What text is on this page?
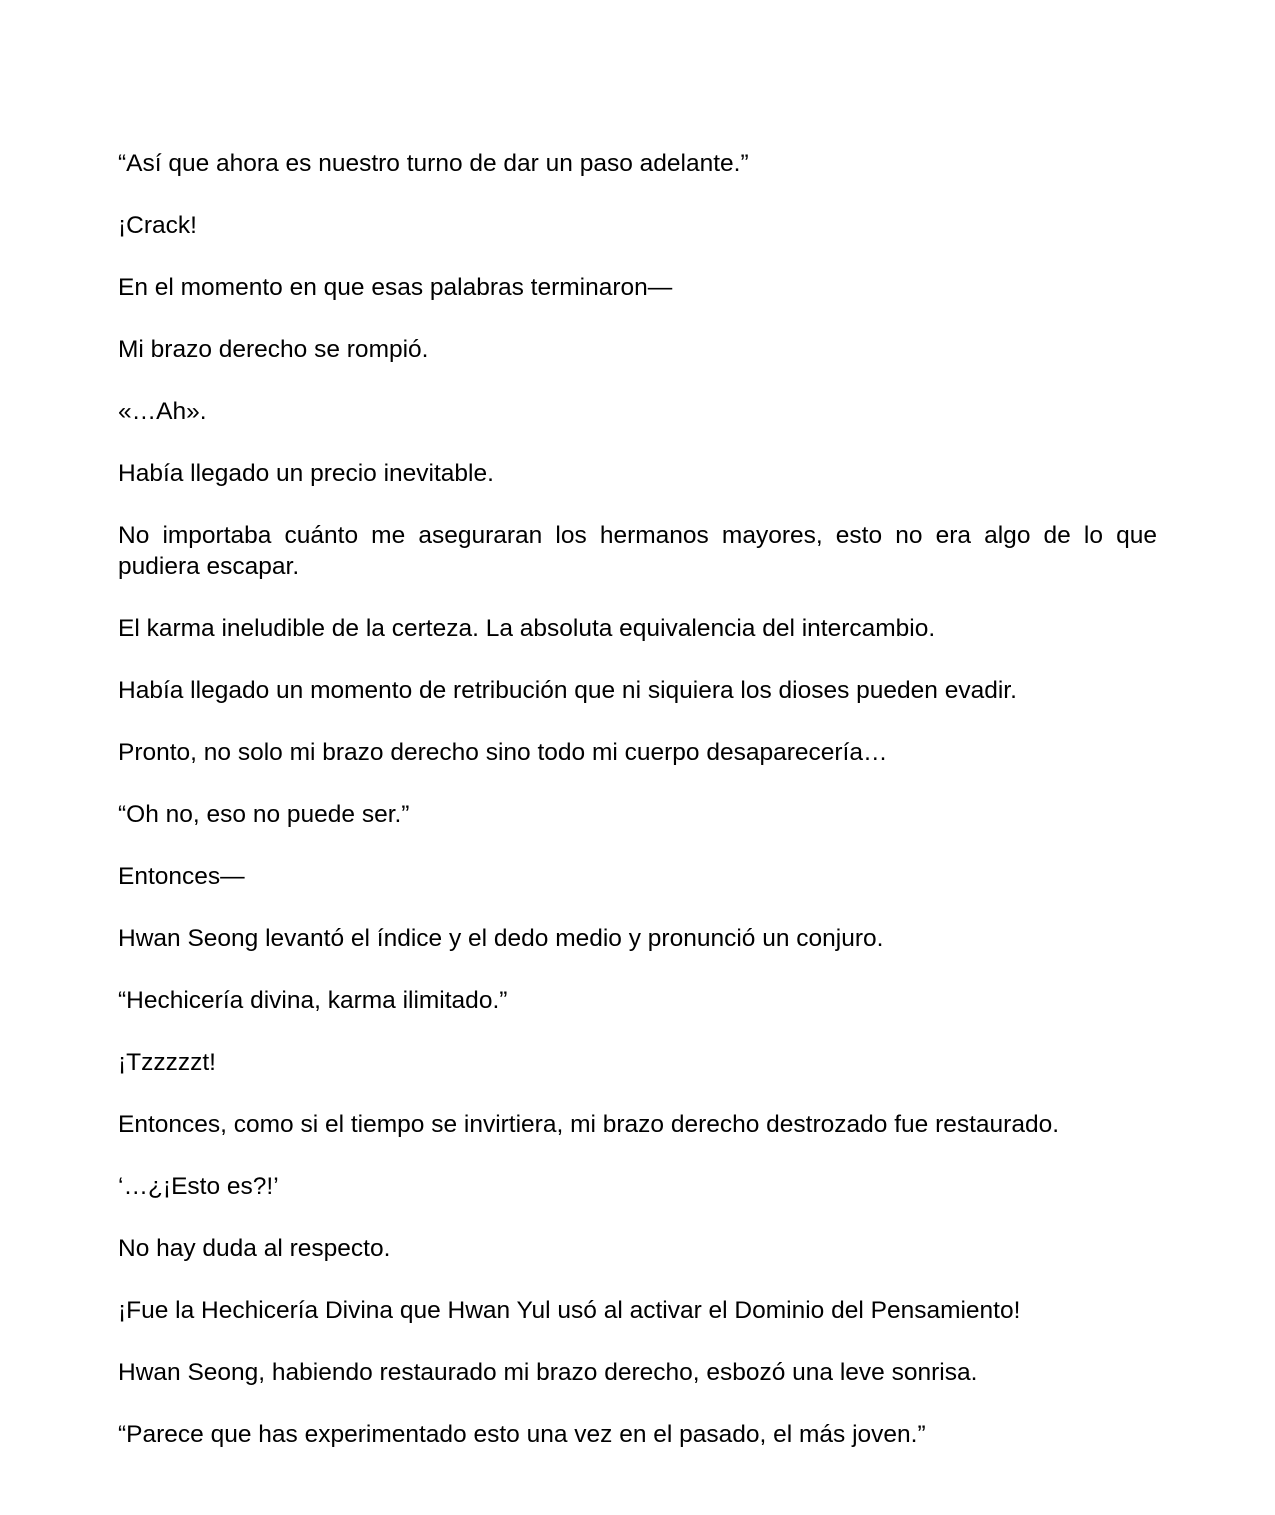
“Así que ahora es nuestro turno de dar un paso adelante.”

¡Crack!

En el momento en que esas palabras terminaron—

Mi brazo derecho se rompió.

«…Ah».

Había llegado un precio inevitable.

No importaba cuánto me aseguraran los hermanos mayores, esto no era algo de lo que pudiera escapar.

El karma ineludible de la certeza. La absoluta equivalencia del intercambio.

Había llegado un momento de retribución que ni siquiera los dioses pueden evadir.

Pronto, no solo mi brazo derecho sino todo mi cuerpo desaparecería…

“Oh no, eso no puede ser.”

Entonces—

Hwan Seong levantó el índice y el dedo medio y pronunció un conjuro.

“Hechicería divina, karma ilimitado.”

¡Tzzzzzt!

Entonces, como si el tiempo se invirtiera, mi brazo derecho destrozado fue restaurado.

‘…¿¡Esto es?!’

No hay duda al respecto.

¡Fue la Hechicería Divina que Hwan Yul usó al activar el Dominio del Pensamiento!

Hwan Seong, habiendo restaurado mi brazo derecho, esbozó una leve sonrisa.

“Parece que has experimentado esto una vez en el pasado, el más joven.”
